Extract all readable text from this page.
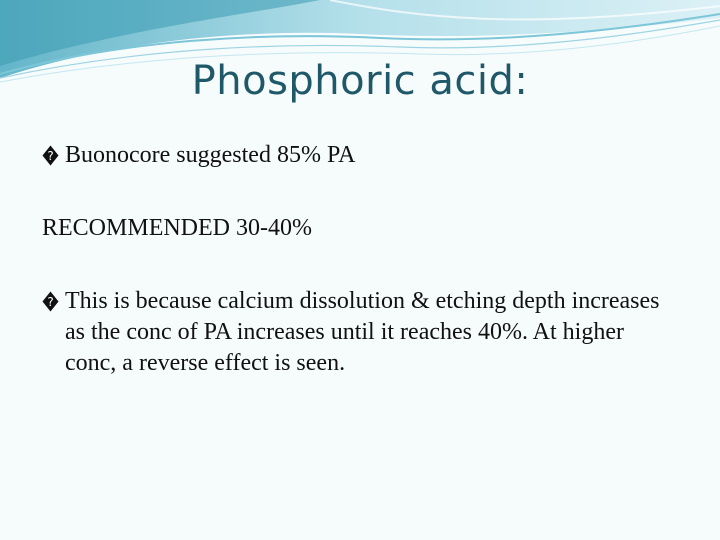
Phosphoric acid:
? Buonocore suggested 85% PA
RECOMMENDED 30-40%
? This is because calcium dissolution & etching depth increases as the conc of PA increases until it reaches 40%. At higher conc, a reverse effect is seen.
